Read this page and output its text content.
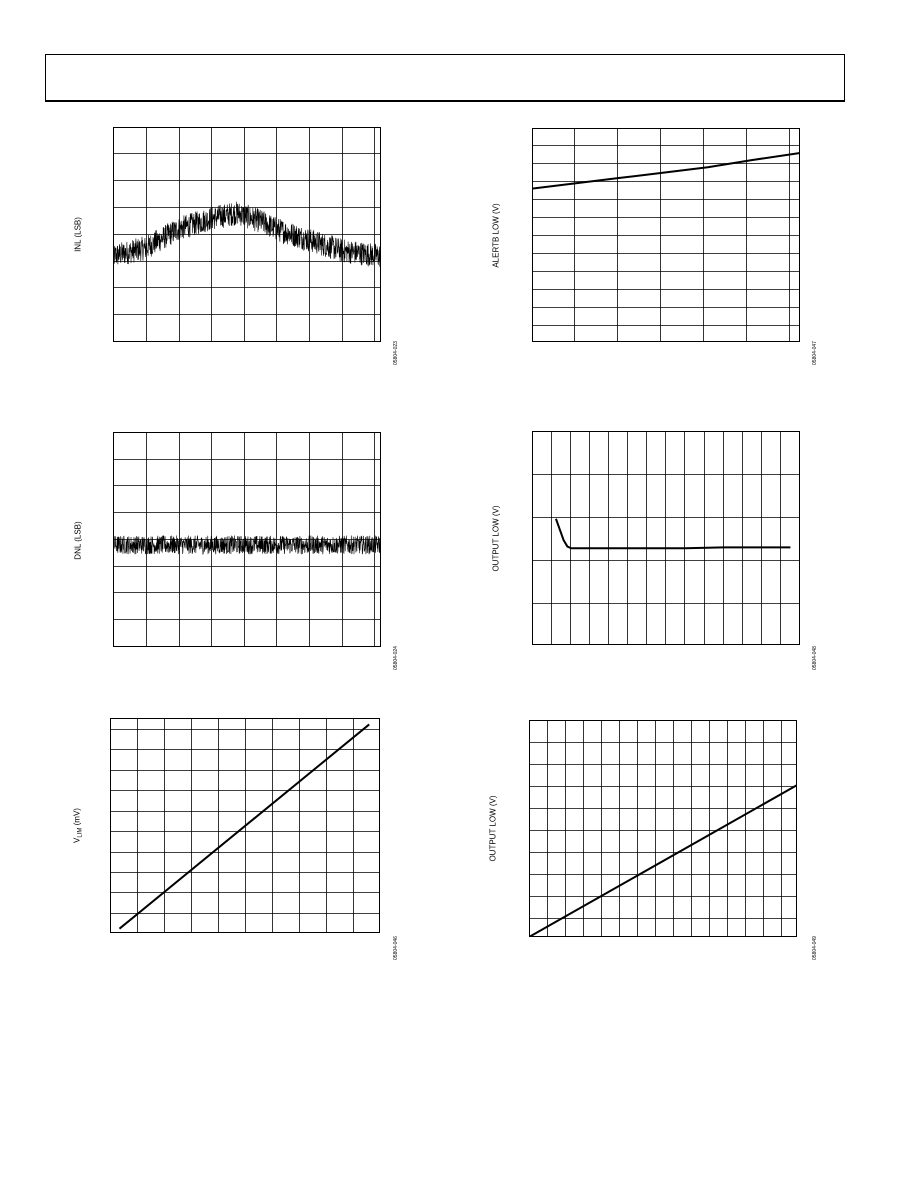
INL (LSB)
05804-023
ALERTB LOW (V)
05804-047
DNL (LSB)
05804-024
OUTPUT LOW (V)
05804-048
$V_{LIM}$ (mV)
05804-046
OUTPUT LOW (V)
05804-049
